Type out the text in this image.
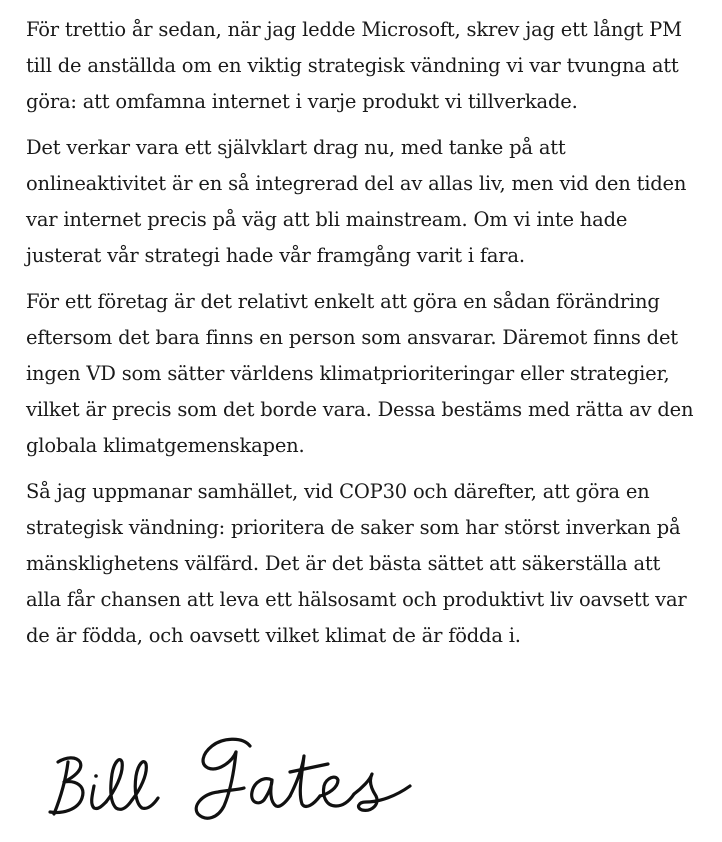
För trettio år sedan, när jag ledde Microsoft, skrev jag ett långt PM till de anställda om en viktig strategisk vändning vi var tvungna att göra: att omfamna internet i varje produkt vi tillverkade.

Det verkar vara ett självklart drag nu, med tanke på att onlineaktivitet är en så integrerad del av allas liv, men vid den tiden var internet precis på väg att bli mainstream. Om vi inte hade justerat vår strategi hade vår framgång varit i fara.

För ett företag är det relativt enkelt att göra en sådan förändring eftersom det bara finns en person som ansvarar. Däremot finns det ingen VD som sätter världens klimatprioriteringar eller strategier, vilket är precis som det borde vara. Dessa bestäms med rätta av den globala klimatgemenskapen.

Så jag uppmanar samhället, vid COP30 och därefter, att göra en strategisk vändning: prioritera de saker som har störst inverkan på mänsklighetens välfärd. Det är det bästa sättet att säkerställa att alla får chansen att leva ett hälsosamt och produktivt liv oavsett var de är födda, och oavsett vilket klimat de är födda i.
